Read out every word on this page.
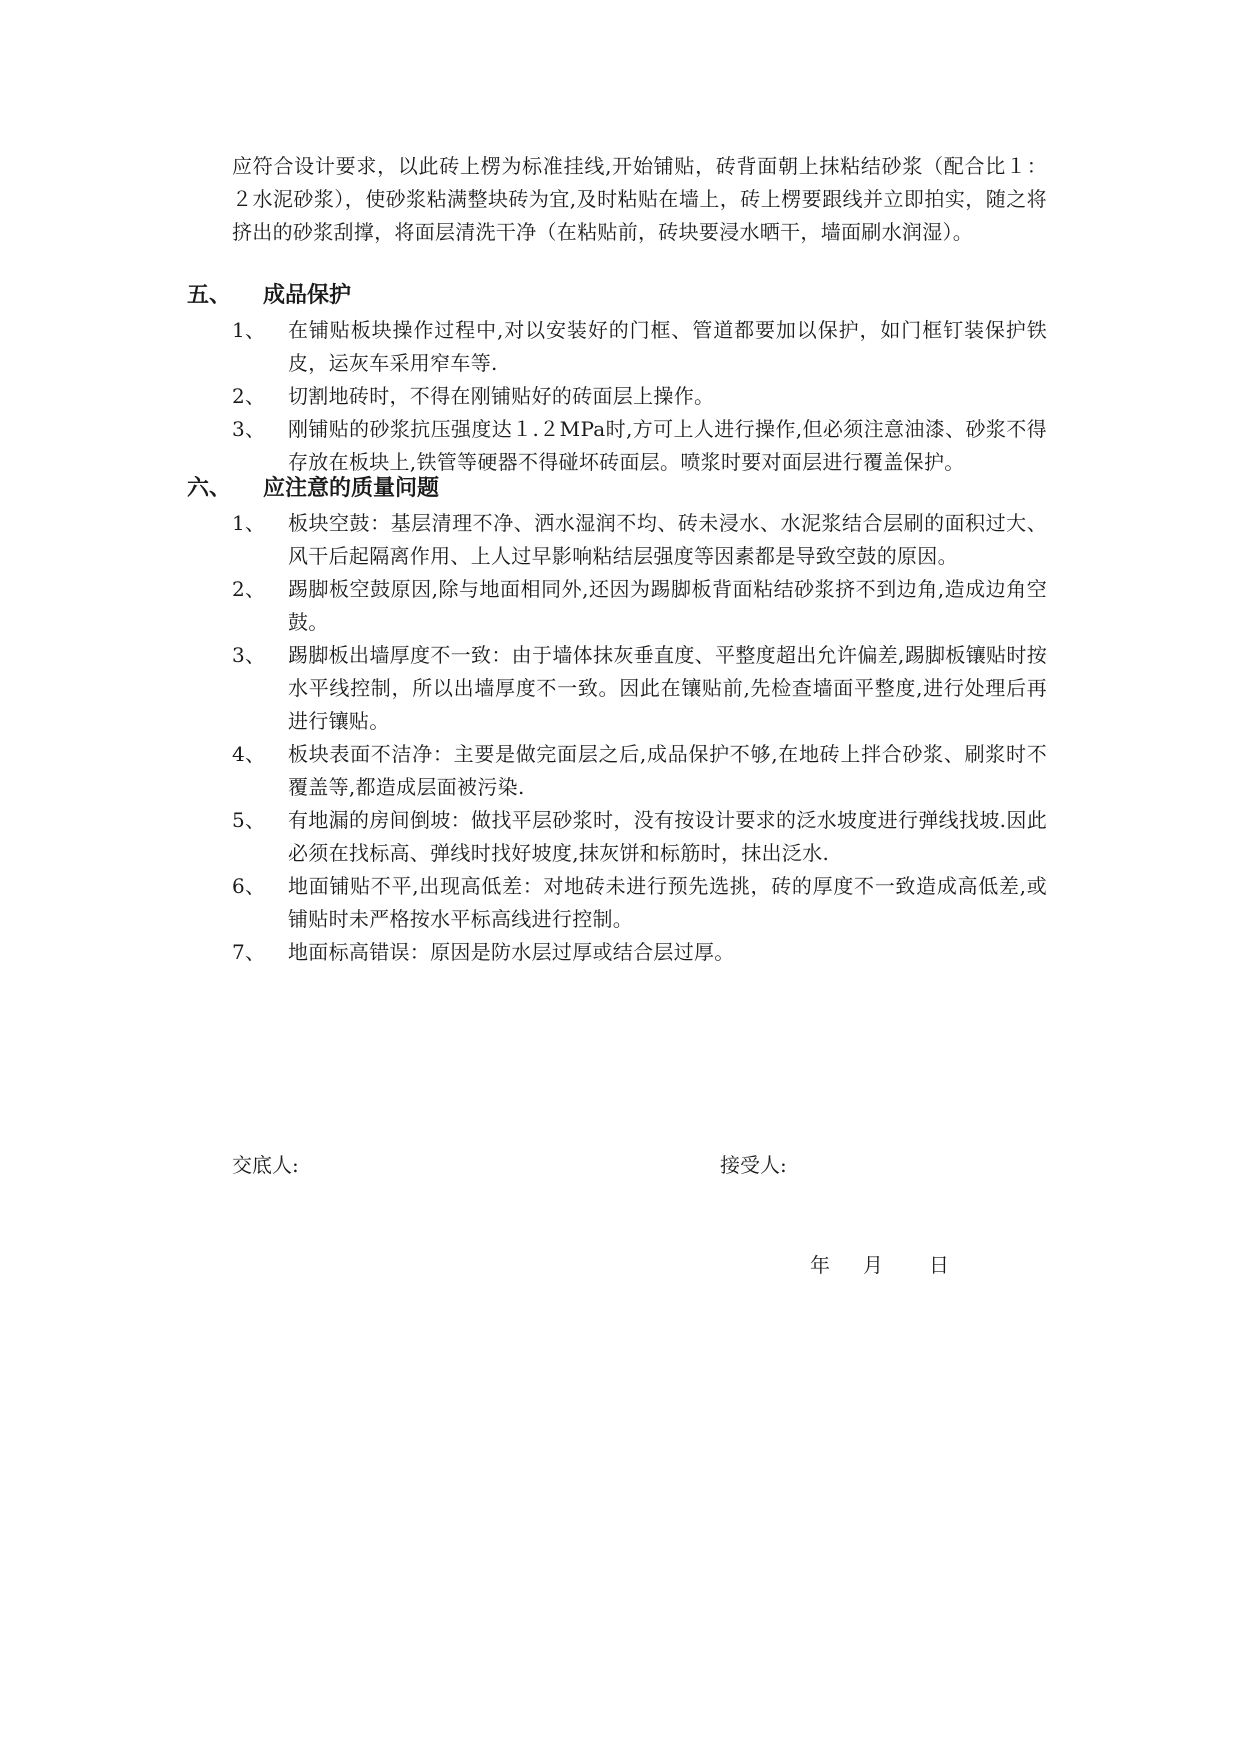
应符合设计要求，以此砖上楞为标准挂线,开始铺贴，砖背面朝上抹粘结砂浆（配合比１：２水泥砂浆），使砂浆粘满整块砖为宜,及时粘贴在墙上，砖上楞要跟线并立即拍实，随之将挤出的砂浆刮撑，将面层清洗干净（在粘贴前，砖块要浸水晒干，墙面刷水润湿）。

五、 成品保护
1、	在铺贴板块操作过程中,对以安装好的门框、管道都要加以保护，如门框钉装保护铁皮，运灰车采用窄车等.
2、	切割地砖时，不得在刚铺贴好的砖面层上操作。
3、	刚铺贴的砂浆抗压强度达１.２MPa时,方可上人进行操作,但必须注意油漆、砂浆不得存放在板块上,铁管等硬器不得碰坏砖面层。喷浆时要对面层进行覆盖保护。
六、 应注意的质量问题
1、	板块空鼓：基层清理不净、洒水湿润不均、砖未浸水、水泥浆结合层刷的面积过大、风干后起隔离作用、上人过早影响粘结层强度等因素都是导致空鼓的原因。
2、	踢脚板空鼓原因,除与地面相同外,还因为踢脚板背面粘结砂浆挤不到边角,造成边角空鼓。
3、	踢脚板出墙厚度不一致：由于墙体抹灰垂直度、平整度超出允许偏差,踢脚板镶贴时按水平线控制，所以出墙厚度不一致。因此在镶贴前,先检查墙面平整度,进行处理后再进行镶贴。
4、	板块表面不洁净：主要是做完面层之后,成品保护不够,在地砖上拌合砂浆、刷浆时不覆盖等,都造成层面被污染.
5、	有地漏的房间倒坡：做找平层砂浆时，没有按设计要求的泛水坡度进行弹线找坡.因此必须在找标高、弹线时找好坡度,抹灰饼和标筋时，抹出泛水.
6、	地面铺贴不平,出现高低差：对地砖未进行预先选挑，砖的厚度不一致造成高低差,或铺贴时未严格按水平标高线进行控制。
7、	地面标高错误：原因是防水层过厚或结合层过厚。

交底人:	接受人:

年 月 日
